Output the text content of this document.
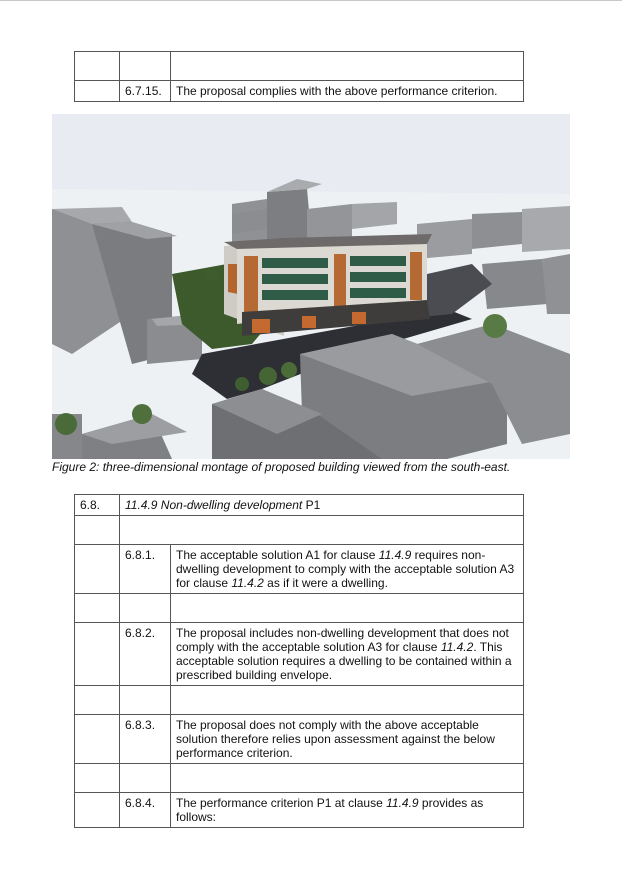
	6.7.15.	The proposal complies with the above performance criterion.
Figure 2: three-dimensional montage of proposed building viewed from the south-east.
6.8.	11.4.9 Non-dwelling development P1	

	6.8.1.	The acceptable solution A1 for clause 11.4.9 requires non-dwelling development to comply with the acceptable solution A3 for clause 11.4.2 as if it were a dwelling.

	6.8.2.	The proposal includes non-dwelling development that does not comply with the acceptable solution A3 for clause 11.4.2. This acceptable solution requires a dwelling to be contained within a prescribed building envelope.

	6.8.3.	The proposal does not comply with the above acceptable solution therefore relies upon assessment against the below performance criterion.

	6.8.4.	The performance criterion P1 at clause 11.4.9 provides as follows:
